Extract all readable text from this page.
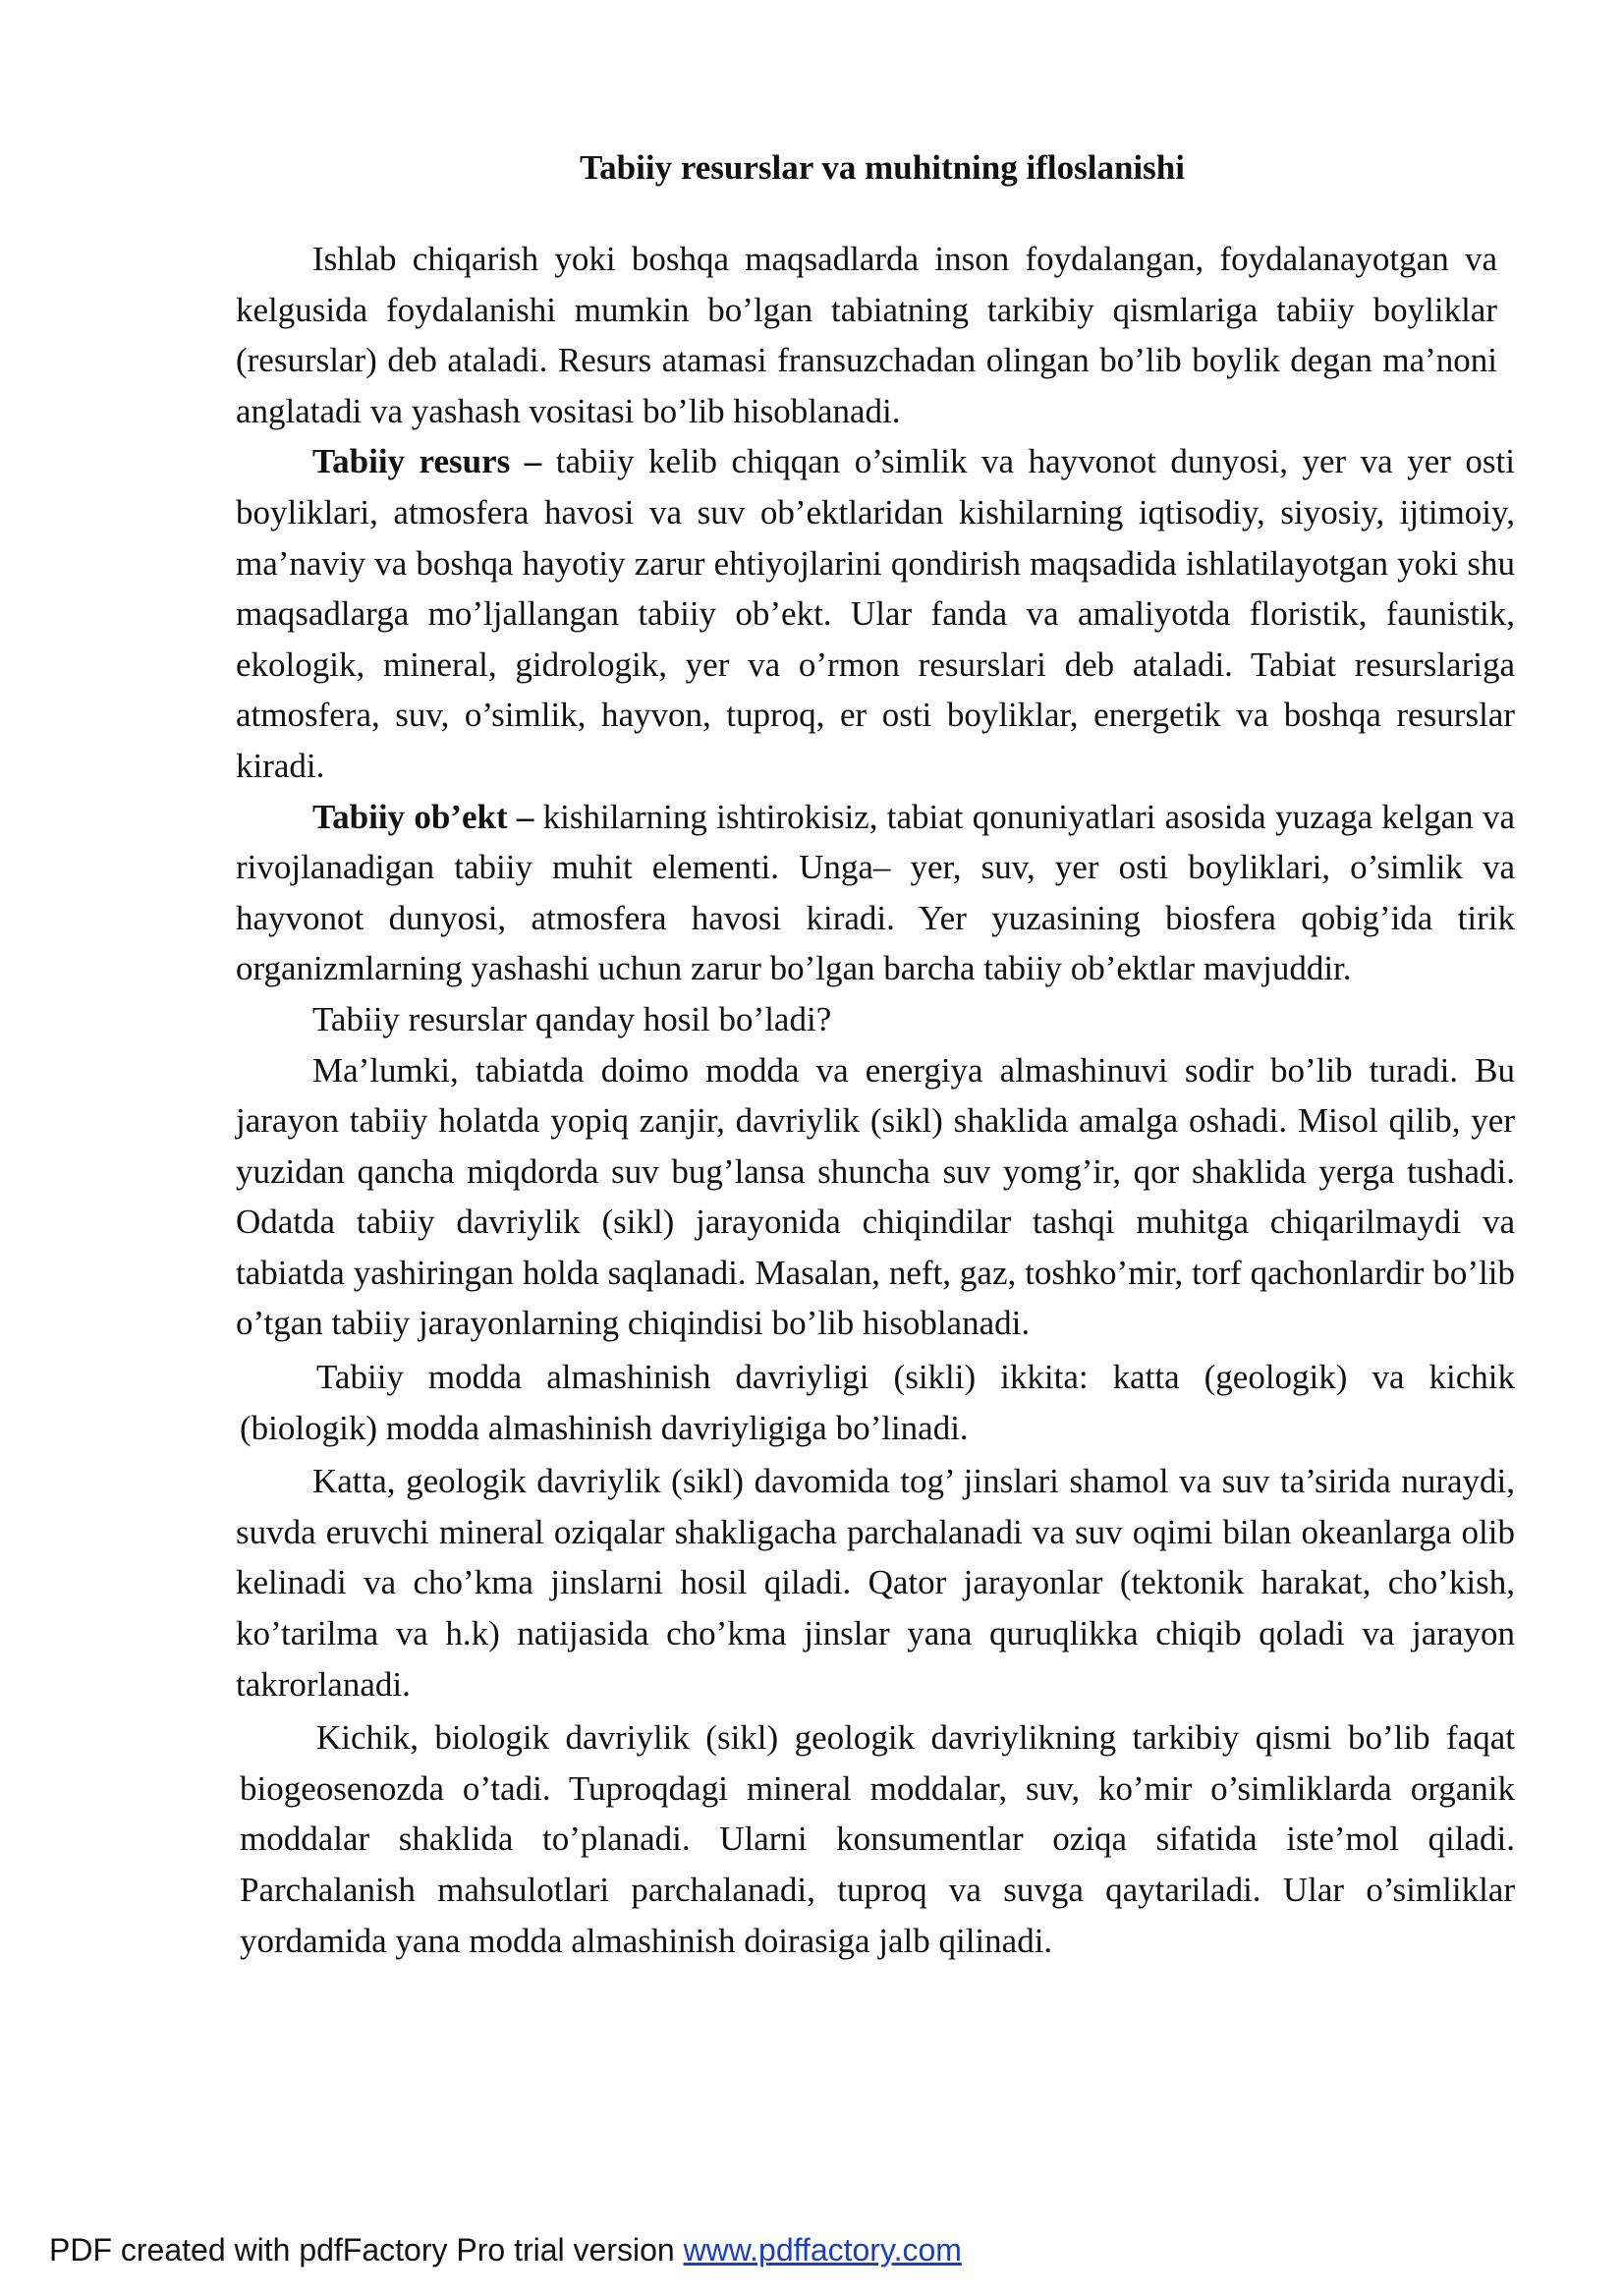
Tabiiy resurslar va muhitning ifloslanishi

Ishlab chiqarish yoki boshqa maqsadlarda inson foydalangan, foydalanayotgan va kelgusida foydalanishi mumkin bo’lgan tabiatning tarkibiy qismlariga tabiiy boyliklar (resurslar) deb ataladi. Resurs atamasi fransuzchadan olingan bo’lib boylik degan ma’noni anglatadi va yashash vositasi bo’lib hisoblanadi.

Tabiiy resurs – tabiiy kelib chiqqan o’simlik va hayvonot dunyosi, yer va yer osti boyliklari, atmosfera havosi va suv ob’ektlaridan kishilarning iqtisodiy, siyosiy, ijtimoiy, ma’naviy va boshqa hayotiy zarur ehtiyojlarini qondirish maqsadida ishlatilayotgan yoki shu maqsadlarga mo’ljallangan tabiiy ob’ekt. Ular fanda va amaliyotda floristik, faunistik, ekologik, mineral, gidrologik, yer va o’rmon resurslari deb ataladi. Tabiat resurslariga atmosfera, suv, o’simlik, hayvon, tuproq, er osti boyliklar, energetik va boshqa resurslar kiradi.

Tabiiy ob’ekt – kishilarning ishtirokisiz, tabiat qonuniyatlari asosida yuzaga kelgan va rivojlanadigan tabiiy muhit elementi. Unga– yer, suv, yer osti boyliklari, o’simlik va hayvonot dunyosi, atmosfera havosi kiradi. Yer yuzasining biosfera qobig’ida tirik organizmlarning yashashi uchun zarur bo’lgan barcha tabiiy ob’ektlar mavjuddir.

Tabiiy resurslar qanday hosil bo’ladi?

Ma’lumki, tabiatda doimo modda va energiya almashinuvi sodir bo’lib turadi. Bu jarayon tabiiy holatda yopiq zanjir, davriylik (sikl) shaklida amalga oshadi. Misol qilib, yer yuzidan qancha miqdorda suv bug’lansa shuncha suv yomg’ir, qor shaklida yerga tushadi. Odatda tabiiy davriylik (sikl) jarayonida chiqindilar tashqi muhitga chiqarilmaydi va tabiatda yashiringan holda saqlanadi. Masalan, neft, gaz, toshko’mir, torf qachonlardir bo’lib o’tgan tabiiy jarayonlarning chiqindisi bo’lib hisoblanadi.

Tabiiy modda almashinish davriyligi (sikli) ikkita: katta (geologik) va kichik (biologik) modda almashinish davriyligiga bo’linadi.

Katta, geologik davriylik (sikl) davomida tog’ jinslari shamol va suv ta’sirida nuraydi, suvda eruvchi mineral oziqalar shakligacha parchalanadi va suv oqimi bilan okeanlarga olib kelinadi va cho’kma jinslarni hosil qiladi. Qator jarayonlar (tektonik harakat, cho’kish, ko’tarilma va h.k) natijasida cho’kma jinslar yana quruqlikka chiqib qoladi va jarayon takrorlanadi.

Kichik, biologik davriylik (sikl) geologik davriylikning tarkibiy qismi bo’lib faqat biogeosenozda o’tadi. Tuproqdagi mineral moddalar, suv, ko’mir o’simliklarda organik moddalar shaklida to’planadi. Ularni konsumentlar oziqa sifatida iste’mol qiladi. Parchalanish mahsulotlari parchalanadi, tuproq va suvga qaytariladi. Ular o’simliklar yordamida yana modda almashinish doirasiga jalb qilinadi.

PDF created with pdfFactory Pro trial version www.pdffactory.com
